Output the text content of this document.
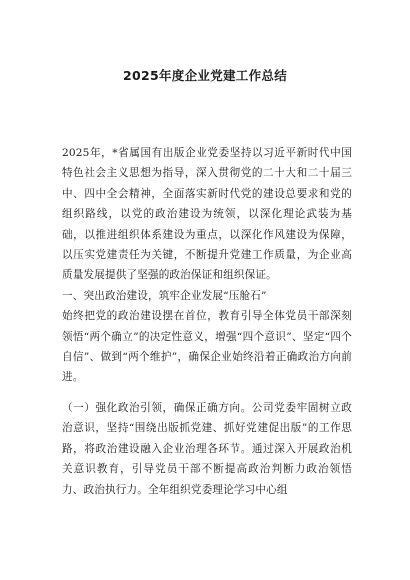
2025年度企业党建工作总结

2025年，*省属国有出版企业党委坚持以习近平新时代中国特色社会主义思想为指导，深入贯彻党的二十大和二十届三中、四中全会精神，全面落实新时代党的建设总要求和党的组织路线，以党的政治建设为统领，以深化理论武装为基础，以推进组织体系建设为重点，以深化作风建设为保障，以压实党建责任为关键，不断提升党建工作质量，为企业高质量发展提供了坚强的政治保证和组织保证。

一、突出政治建设，筑牢企业发展“压舱石”

始终把党的政治建设摆在首位，教育引导全体党员干部深刻领悟“两个确立”的决定性意义，增强“四个意识”、坚定“四个自信”、做到“两个维护”，确保企业始终沿着正确政治方向前进。

（一）强化政治引领，确保正确方向。公司党委牢固树立政治意识，坚持“围绕出版抓党建、抓好党建促出版”的工作思路，将政治建设融入企业治理各环节。通过深入开展政治机关意识教育，引导党员干部不断提高政治判断力政治领悟力、政治执行力。全年组织党委理论学习中心组
